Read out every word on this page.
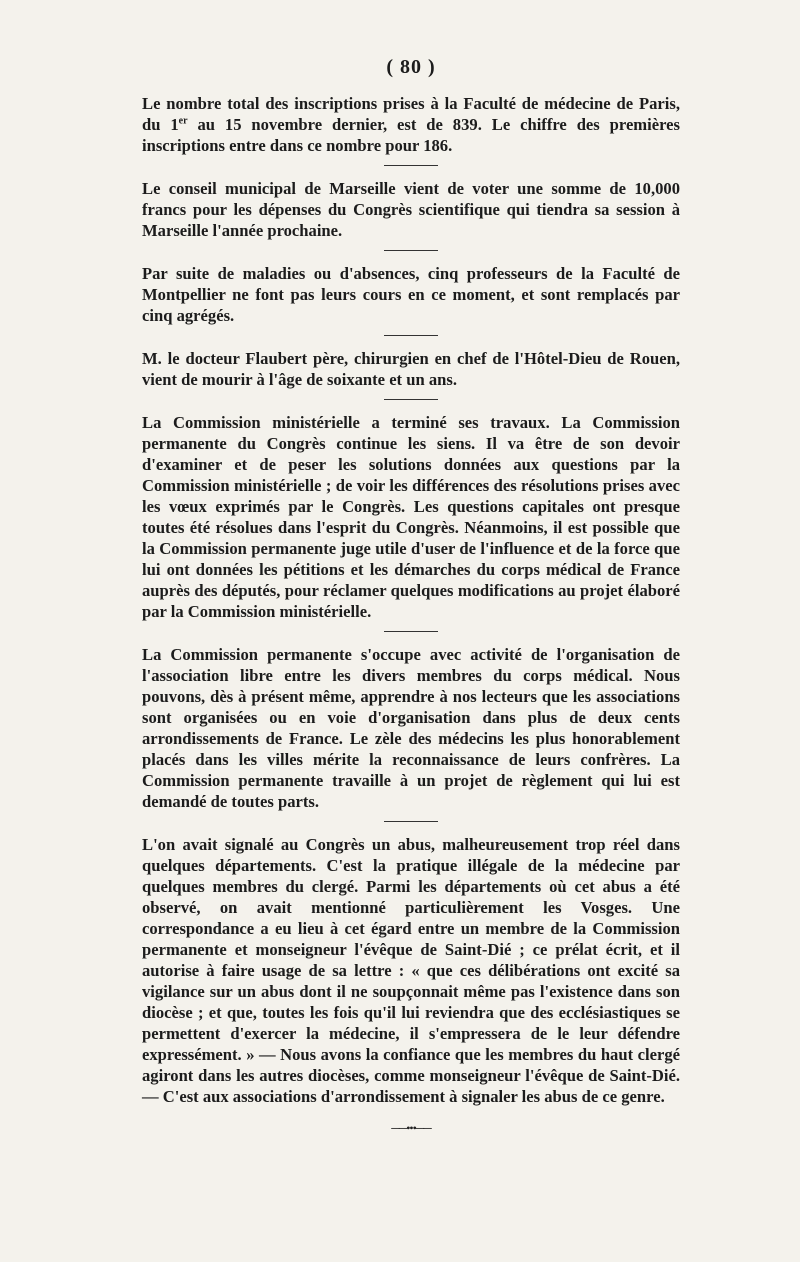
( 80 )

Le nombre total des inscriptions prises à la Faculté de médecine de Paris, du 1er au 15 novembre dernier, est de 839. Le chiffre des premières inscriptions entre dans ce nombre pour 186.

Le conseil municipal de Marseille vient de voter une somme de 10,000 francs pour les dépenses du Congrès scientifique qui tiendra sa session à Marseille l'année prochaine.

Par suite de maladies ou d'absences, cinq professeurs de la Faculté de Montpellier ne font pas leurs cours en ce moment, et sont remplacés par cinq agrégés.

M. le docteur Flaubert père, chirurgien en chef de l'Hôtel-Dieu de Rouen, vient de mourir à l'âge de soixante et un ans.

La Commission ministérielle a terminé ses travaux. La Commission permanente du Congrès continue les siens. Il va être de son devoir d'examiner et de peser les solutions données aux questions par la Commission ministérielle ; de voir les différences des résolutions prises avec les vœux exprimés par le Congrès. Les questions capitales ont presque toutes été résolues dans l'esprit du Congrès. Néanmoins, il est possible que la Commission permanente juge utile d'user de l'influence et de la force que lui ont données les pétitions et les démarches du corps médical de France auprès des députés, pour réclamer quelques modifications au projet élaboré par la Commission ministérielle.

La Commission permanente s'occupe avec activité de l'organisation de l'association libre entre les divers membres du corps médical. Nous pouvons, dès à présent même, apprendre à nos lecteurs que les associations sont organisées ou en voie d'organisation dans plus de deux cents arrondissements de France. Le zèle des médecins les plus honorablement placés dans les villes mérite la reconnaissance de leurs confrères. La Commission permanente travaille à un projet de règlement qui lui est demandé de toutes parts.

L'on avait signalé au Congrès un abus, malheureusement trop réel dans quelques départements. C'est la pratique illégale de la médecine par quelques membres du clergé. Parmi les départements où cet abus a été observé, on avait mentionné particulièrement les Vosges. Une correspondance a eu lieu à cet égard entre un membre de la Commission permanente et monseigneur l'évêque de Saint-Dié ; ce prélat écrit, et il autorise à faire usage de sa lettre : « que ces délibérations ont excité sa vigilance sur un abus dont il ne soupçonnait même pas l'existence dans son diocèse ; et que, toutes les fois qu'il lui reviendra que des ecclésiastiques se permettent d'exercer la médecine, il s'empressera de le leur défendre expressément. » — Nous avons la confiance que les membres du haut clergé agiront dans les autres diocèses, comme monseigneur l'évêque de Saint-Dié. — C'est aux associations d'arrondissement à signaler les abus de ce genre.

──•••──
